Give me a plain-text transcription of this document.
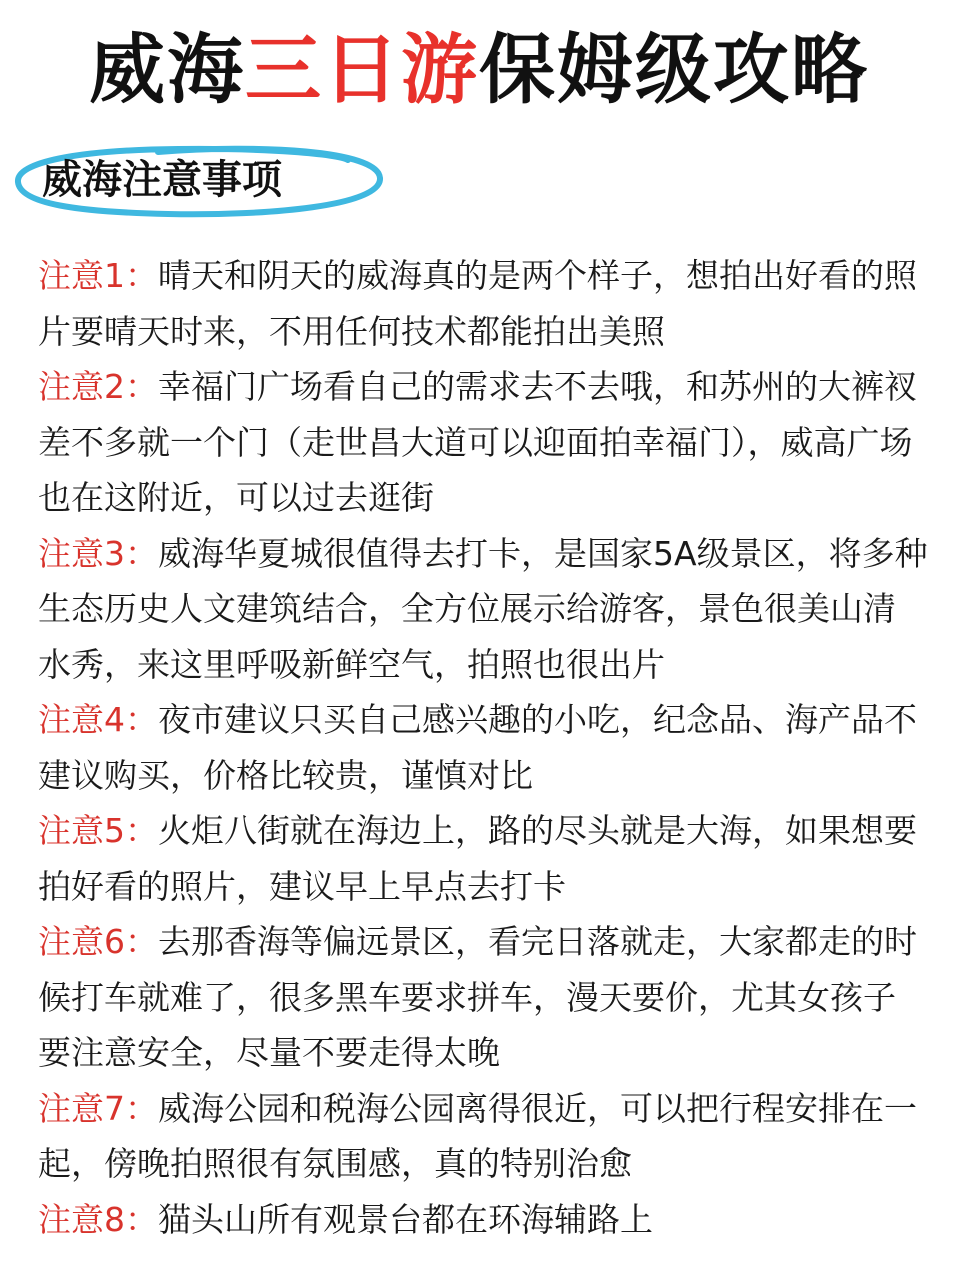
威海三日游保姆级攻略
威海注意事项

注意1：晴天和阴天的威海真的是两个样子，想拍出好看的照片要晴天时来，不用任何技术都能拍出美照

注意2：幸福门广场看自己的需求去不去哦，和苏州的大裤衩差不多就一个门（走世昌大道可以迎面拍幸福门），威高广场也在这附近，可以过去逛街

注意3：威海华夏城很值得去打卡，是国家5A级景区，将多种生态历史人文建筑结合，全方位展示给游客，景色很美山清水秀，来这里呼吸新鲜空气，拍照也很出片

注意4：夜市建议只买自己感兴趣的小吃，纪念品、海产品不建议购买，价格比较贵，谨慎对比

注意5：火炬八街就在海边上，路的尽头就是大海，如果想要拍好看的照片，建议早上早点去打卡

注意6：去那香海等偏远景区，看完日落就走，大家都走的时候打车就难了，很多黑车要求拼车，漫天要价，尤其女孩子要注意安全，尽量不要走得太晚

注意7：威海公园和税海公园离得很近，可以把行程安排在一起，傍晚拍照很有氛围感，真的特别治愈

注意8：猫头山所有观景台都在环海辅路上
